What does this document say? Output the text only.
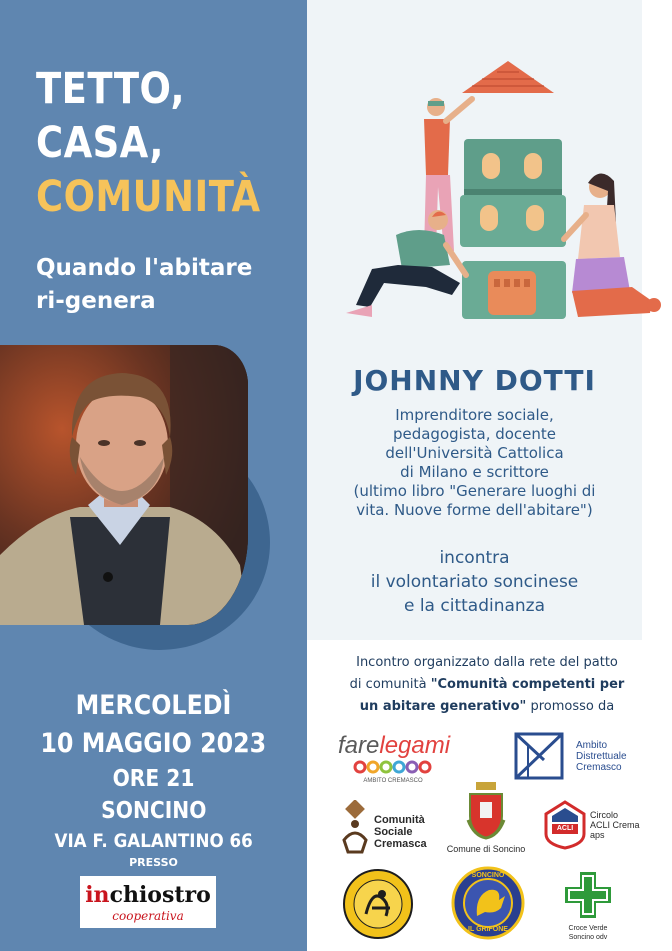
TETTO,
CASA,
COMUNITÀ
Quando l'abitare
ri-genera
MERCOLEDÌ
10 MAGGIO 2023
ORE 21
SONCINO
VIA F. GALANTINO 66
PRESSO
inchiostro
cooperativa
JOHNNY DOTTI
Imprenditore sociale,
pedagogista, docente
dell'Università Cattolica
di Milano e scrittore
(ultimo libro "Generare luoghi di
vita. Nuove forme dell'abitare")
incontra
il volontariato soncinese
e la cittadinanza
Incontro organizzato dalla rete del patto
di comunità "Comunità competenti per
un abitare generativo" promosso da
farelegami
AMBITO CREMASCO
Ambito
Distrettuale
Cremasco
Comunità
Sociale
Cremasca Comune di Soncino
ACLI
Circolo
ACLI Crema
aps
SONCINO
IL GRIFONE	Croce Verde
Soncino odv
